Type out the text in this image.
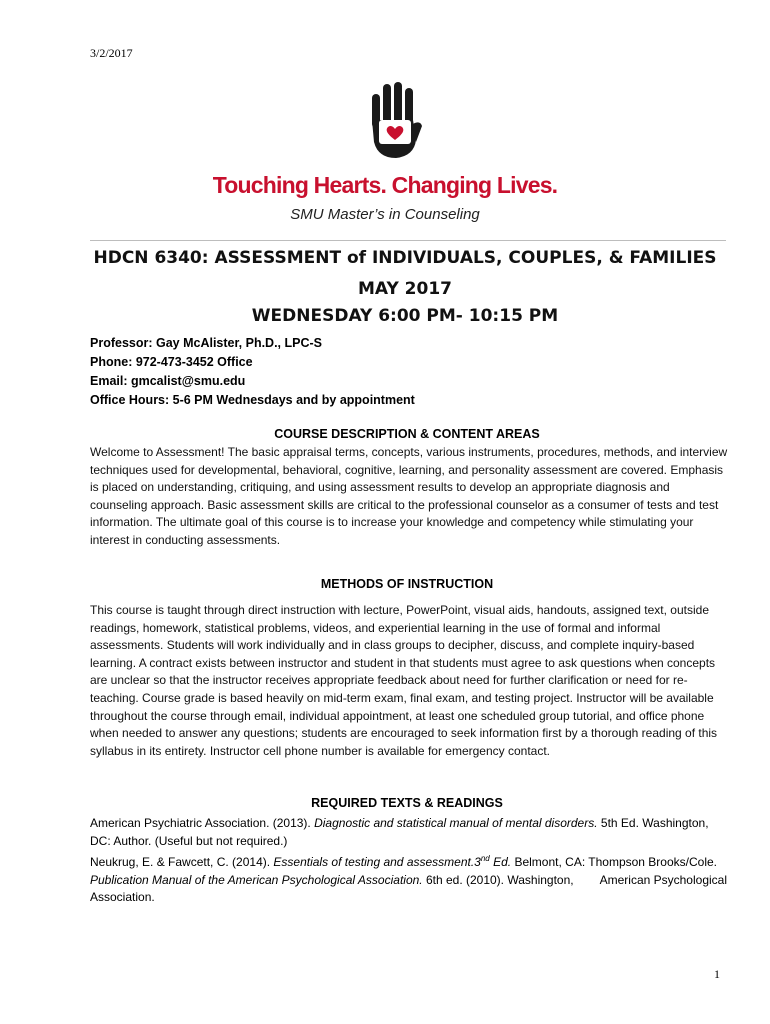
3/2/2017
Touching Hearts. Changing Lives.
SMU Master’s in Counseling
HDCN 6340: ASSESSMENT of INDIVIDUALS, COUPLES, & FAMILIES
MAY 2017
WEDNESDAY 6:00 PM- 10:15 PM
Professor: Gay McAlister, Ph.D., LPC-S
Phone: 972-473-3452 Office
Email: gmcalist@smu.edu
Office Hours: 5-6 PM Wednesdays and by appointment
COURSE DESCRIPTION & CONTENT AREAS

Welcome to Assessment! The basic appraisal terms, concepts, various instruments, procedures, methods, and interview techniques used for developmental, behavioral, cognitive, learning, and personality assessment are covered. Emphasis is placed on understanding, critiquing, and using assessment results to develop an appropriate diagnosis and counseling approach. Basic assessment skills are critical to the professional counselor as a consumer of tests and test information. The ultimate goal of this course is to increase your knowledge and competency while stimulating your interest in conducting assessments.

METHODS OF INSTRUCTION

This course is taught through direct instruction with lecture, PowerPoint, visual aids, handouts, assigned text, outside readings, homework, statistical problems, videos, and experiential learning in the use of formal and informal assessments. Students will work individually and in class groups to decipher, discuss, and complete inquiry-based learning. A contract exists between instructor and student in that students must agree to ask questions when concepts are unclear so that the instructor receives appropriate feedback about need for further clarification or need for re-teaching. Course grade is based heavily on mid-term exam, final exam, and testing project. Instructor will be available throughout the course through email, individual appointment, at least one scheduled group tutorial, and office phone when needed to answer any questions; students are encouraged to seek information first by a thorough reading of this syllabus in its entirety. Instructor cell phone number is available for emergency contact.

REQUIRED TEXTS & READINGS

American Psychiatric Association. (2013). Diagnostic and statistical manual of mental disorders. 5th Ed. Washington, DC: Author. (Useful but not required.)

Neukrug, E. & Fawcett, C. (2014). Essentials of testing and assessment.3nd Ed. Belmont, CA: Thompson Brooks/Cole.

Publication Manual of the American Psychological Association. 6th ed. (2010). Washington, American Psychological Association.

1
